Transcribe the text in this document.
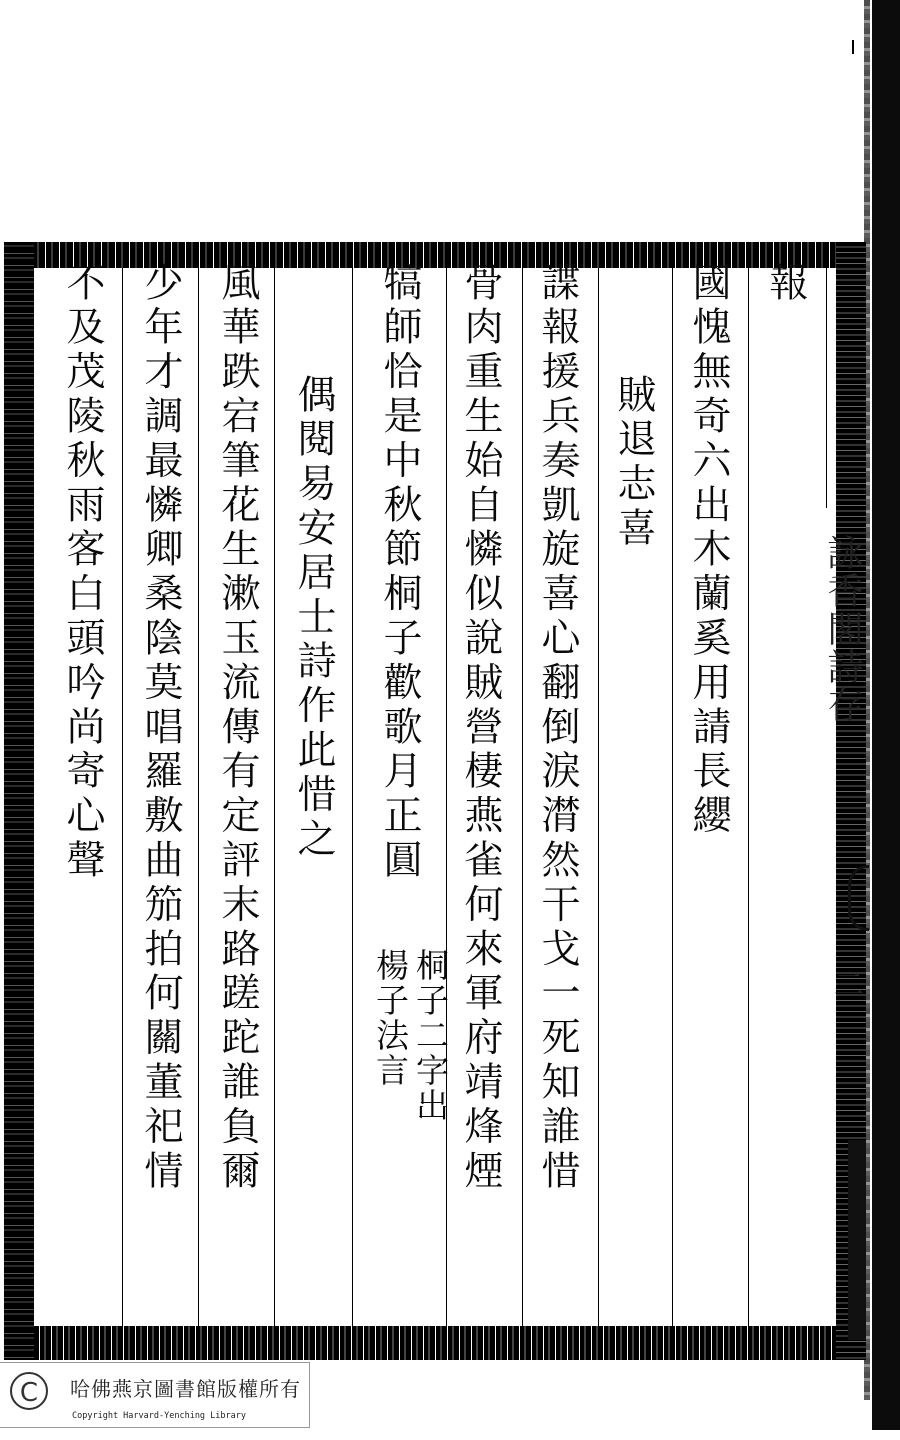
報
國愧無奇六出木蘭奚用請長纓
賊退志喜
諜報援兵奏凱旋喜心翻倒淚潸然干戈一死知誰惜
骨肉重生始自憐似說賊營棲燕雀何來軍府靖烽煙
犒師恰是中秋節桐子歡歌月正圓
桐子二字出
楊子法言
偶閱易安居士詩作此惜之
風華跌宕筆花生漱玉流傳有定評末路蹉跎誰負爾
少年才調最憐卿桑陰莫唱羅敷曲笳拍何關董祀情
不及茂陵秋雨客白頭吟尚寄心聲	詠香閣詩存
二
C	哈佛燕京圖書館版權所有
Copyright Harvard-Yenching Library
